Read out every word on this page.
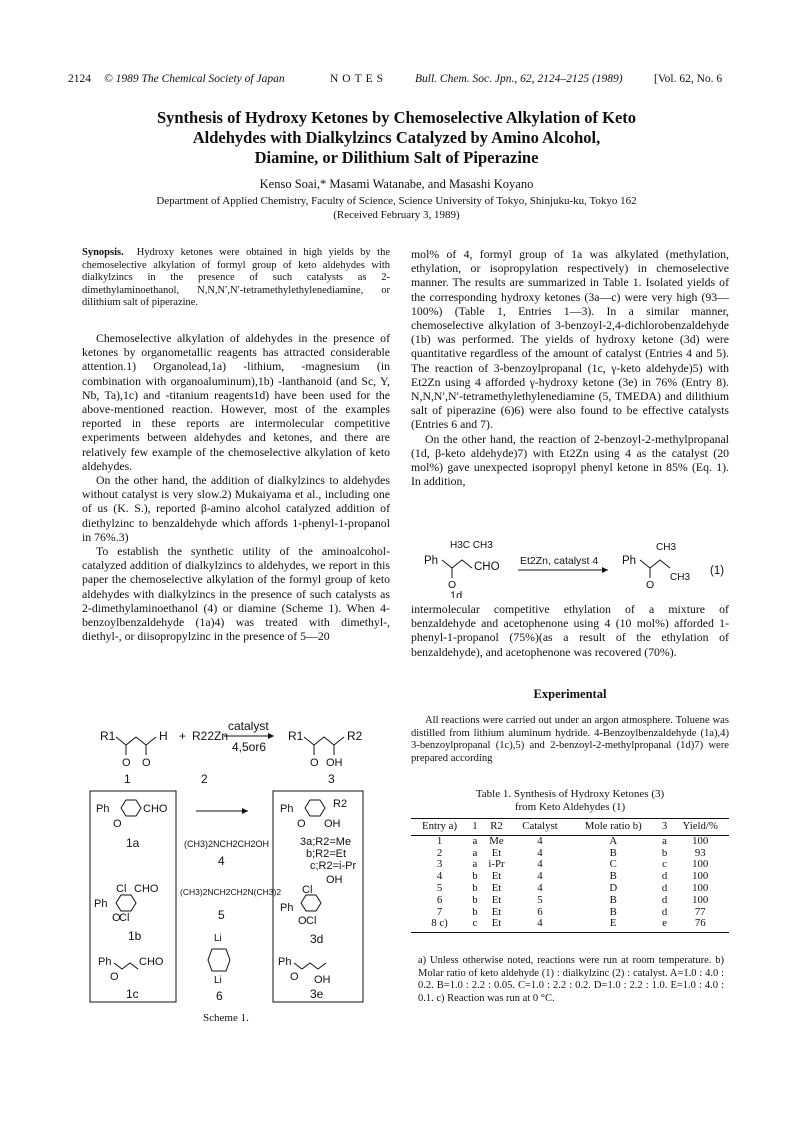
2124 © 1989 The Chemical Society of Japan	NOTES Bull. Chem. Soc. Jpn., 62, 2124–2125 (1989)	[Vol. 62, No. 6
Synthesis of Hydroxy Ketones by Chemoselective Alkylation of Keto
Aldehydes with Dialkylzincs Catalyzed by Amino Alcohol,
Diamine, or Dilithium Salt of Piperazine
Kenso Soai,* Masami Watanabe, and Masashi Koyano
Department of Applied Chemistry, Faculty of Science, Science University of Tokyo, Shinjuku-ku, Tokyo 162
(Received February 3, 1989)
Synopsis. Hydroxy ketones were obtained in high yields by the chemoselective alkylation of formyl group of keto aldehydes with dialkylzincs in the presence of such catalysts as 2-dimethylaminoethanol, N,N,N′,N′-tetramethylethylenediamine, or dilithium salt of piperazine.

Chemoselective alkylation of aldehydes in the presence of ketones by organometallic reagents has attracted considerable attention.1) Organolead,1a) -lithium, -magnesium (in combination with organoaluminum),1b) -lanthanoid (and Sc, Y, Nb, Ta),1c) and -titanium reagents1d) have been used for the above-mentioned reaction. However, most of the examples reported in these reports are intermolecular competitive experiments between aldehydes and ketones, and there are relatively few example of the chemoselective alkylation of keto aldehydes.

On the other hand, the addition of dialkylzincs to aldehydes without catalyst is very slow.2) Mukaiyama et al., including one of us (K. S.), reported β-amino alcohol catalyzed addition of diethylzinc to benzaldehyde which affords 1-phenyl-1-propanol in 76%.3)

To establish the synthetic utility of the aminoalcohol-catalyzed addition of dialkylzincs to aldehydes, we report in this paper the chemoselective alkylation of the formyl group of keto aldehydes with dialkylzincs in the presence of such catalysts as 2-dimethylaminoethanol (4) or diamine (Scheme 1). When 4-benzoylbenzaldehyde (1a)4) was treated with dimethyl-, diethyl-, or diisopropylzinc in the presence of 5—20

R1
O O
H + R22Zn
catalyst
4,5or6
R1
O OH
R2
1	2	3
Ph	CHO
O
1a	(CH3)2NCH2CH2OH
4
Ph	R2
O OH
3a;R2=Me
b;R2=Et
c;R2=i-Pr
Cl CHO
Ph
O
Cl
1b
(CH3)2NCH2CH2N(CH3)2
5
OH
Cl
Ph
O Cl
3d
Ph	CHO
O
1c
Li
Li
6
Ph
O OH
3e
Scheme 1.

mol% of 4, formyl group of 1a was alkylated (methylation, ethylation, or isopropylation respectively) in chemoselective manner. The results are summarized in Table 1. Isolated yields of the corresponding hydroxy ketones (3a—c) were very high (93—100%) (Table 1, Entries 1—3). In a similar manner, chemoselective alkylation of 3-benzoyl-2,4-dichlorobenzaldehyde (1b) was performed. The yields of hydroxy ketone (3d) were quantitative regardless of the amount of catalyst (Entries 4 and 5). The reaction of 3-benzoylpropanal (1c, γ-keto aldehyde)5) with Et2Zn using 4 afforded γ-hydroxy ketone (3e) in 76% (Entry 8). N,N,N′,N′-tetramethylethylenediamine (5, TMEDA) and dilithium salt of piperazine (6)6) were also found to be effective catalysts (Entries 6 and 7).

On the other hand, the reaction of 2-benzoyl-2-methylpropanal (1d, β-keto aldehyde)7) with Et2Zn using 4 as the catalyst (20 mol%) gave unexpected isopropyl phenyl ketone in 85% (Eq. 1). In addition,

H3C CH3
Ph	CHO
O
1d
Et2Zn, catalyst 4 Ph
CH3
CH3
O
(1)

intermolecular competitive ethylation of a mixture of benzaldehyde and acetophenone using 4 (10 mol%) afforded 1-phenyl-1-propanol (75%)(as a result of the ethylation of benzaldehyde), and acetophenone was recovered (70%).

Experimental

All reactions were carried out under an argon atmosphere. Toluene was distilled from lithium aluminum hydride. 4-Benzoylbenzaldehyde (1a),4) 3-benzoylpropanal (1c),5) and 2-benzoyl-2-methylpropanal (1d)7) were prepared according

Table 1. Synthesis of Hydroxy Ketones (3)
from Keto Aldehydes (1)
Entry a)	1	R2	Catalyst	Mole ratio b)	3	Yield/%
1	a	Me	4	A	a	100
2	a	Et	4	B	b	93
3	a	i-Pr	4	C	c	100
4	b	Et	4	B	d	100
5	b	Et	4	D	d	100
6	b	Et	5	B	d	100
7	b	Et	6	B	d	77
8 c)	c	Et	4	E	e	76
a) Unless otherwise noted, reactions were run at room temperature. b) Molar ratio of keto aldehyde (1) : dialkylzinc (2) : catalyst. A=1.0 : 4.0 : 0.2. B=1.0 : 2.2 : 0.05. C=1.0 : 2.2 : 0.2. D=1.0 : 2.2 : 1.0. E=1.0 : 4.0 : 0.1. c) Reaction was run at 0 °C.
